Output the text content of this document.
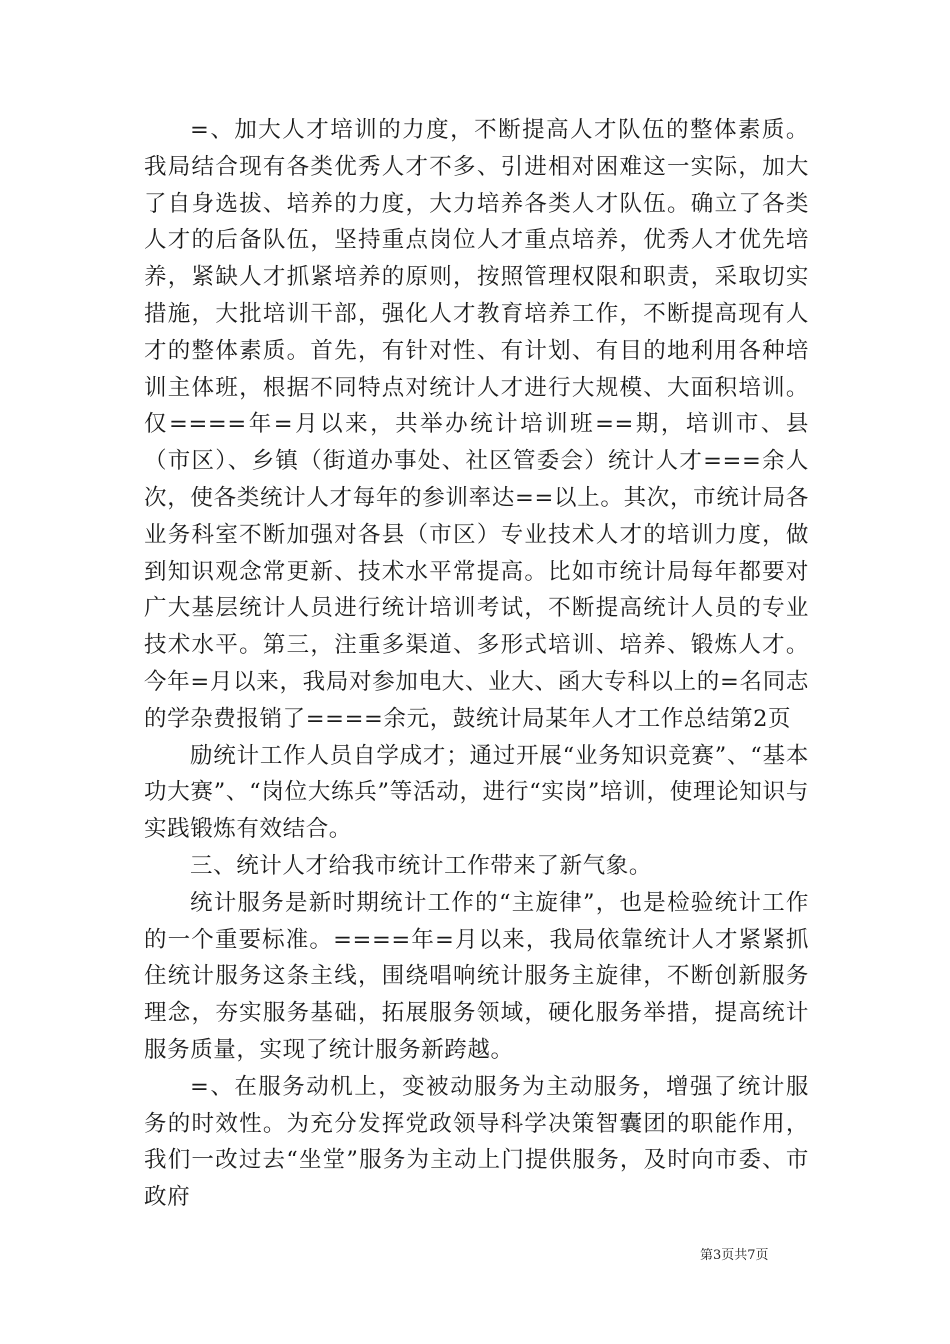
=、加大人才培训的力度，不断提高人才队伍的整体素质。我局结合现有各类优秀人才不多、引进相对困难这一实际，加大了自身选拔、培养的力度，大力培养各类人才队伍。确立了各类人才的后备队伍，坚持重点岗位人才重点培养，优秀人才优先培养，紧缺人才抓紧培养的原则，按照管理权限和职责，采取切实措施，大批培训干部，强化人才教育培养工作，不断提高现有人才的整体素质。首先，有针对性、有计划、有目的地利用各种培训主体班，根据不同特点对统计人才进行大规模、大面积培训。仅====年=月以来，共举办统计培训班==期，培训市、县（市区）、乡镇（街道办事处、社区管委会）统计人才===余人次，使各类统计人才每年的参训率达==以上。其次，市统计局各业务科室不断加强对各县（市区）专业技术人才的培训力度，做到知识观念常更新、技术水平常提高。比如市统计局每年都要对广大基层统计人员进行统计培训考试，不断提高统计人员的专业技术水平。第三，注重多渠道、多形式培训、培养、锻炼人才。今年=月以来，我局对参加电大、业大、函大专科以上的=名同志的学杂费报销了====余元，鼓统计局某年人才工作总结第2页

励统计工作人员自学成才；通过开展“业务知识竞赛”、“基本功大赛”、“岗位大练兵”等活动，进行“实岗”培训，使理论知识与实践锻炼有效结合。

三、统计人才给我市统计工作带来了新气象。

统计服务是新时期统计工作的“主旋律”，也是检验统计工作的一个重要标准。====年=月以来，我局依靠统计人才紧紧抓住统计服务这条主线，围绕唱响统计服务主旋律，不断创新服务理念，夯实服务基础，拓展服务领域，硬化服务举措，提高统计服务质量，实现了统计服务新跨越。

=、在服务动机上，变被动服务为主动服务，增强了统计服务的时效性。为充分发挥党政领导科学决策智囊团的职能作用，我们一改过去“坐堂”服务为主动上门提供服务，及时向市委、市政府

第3页共7页
